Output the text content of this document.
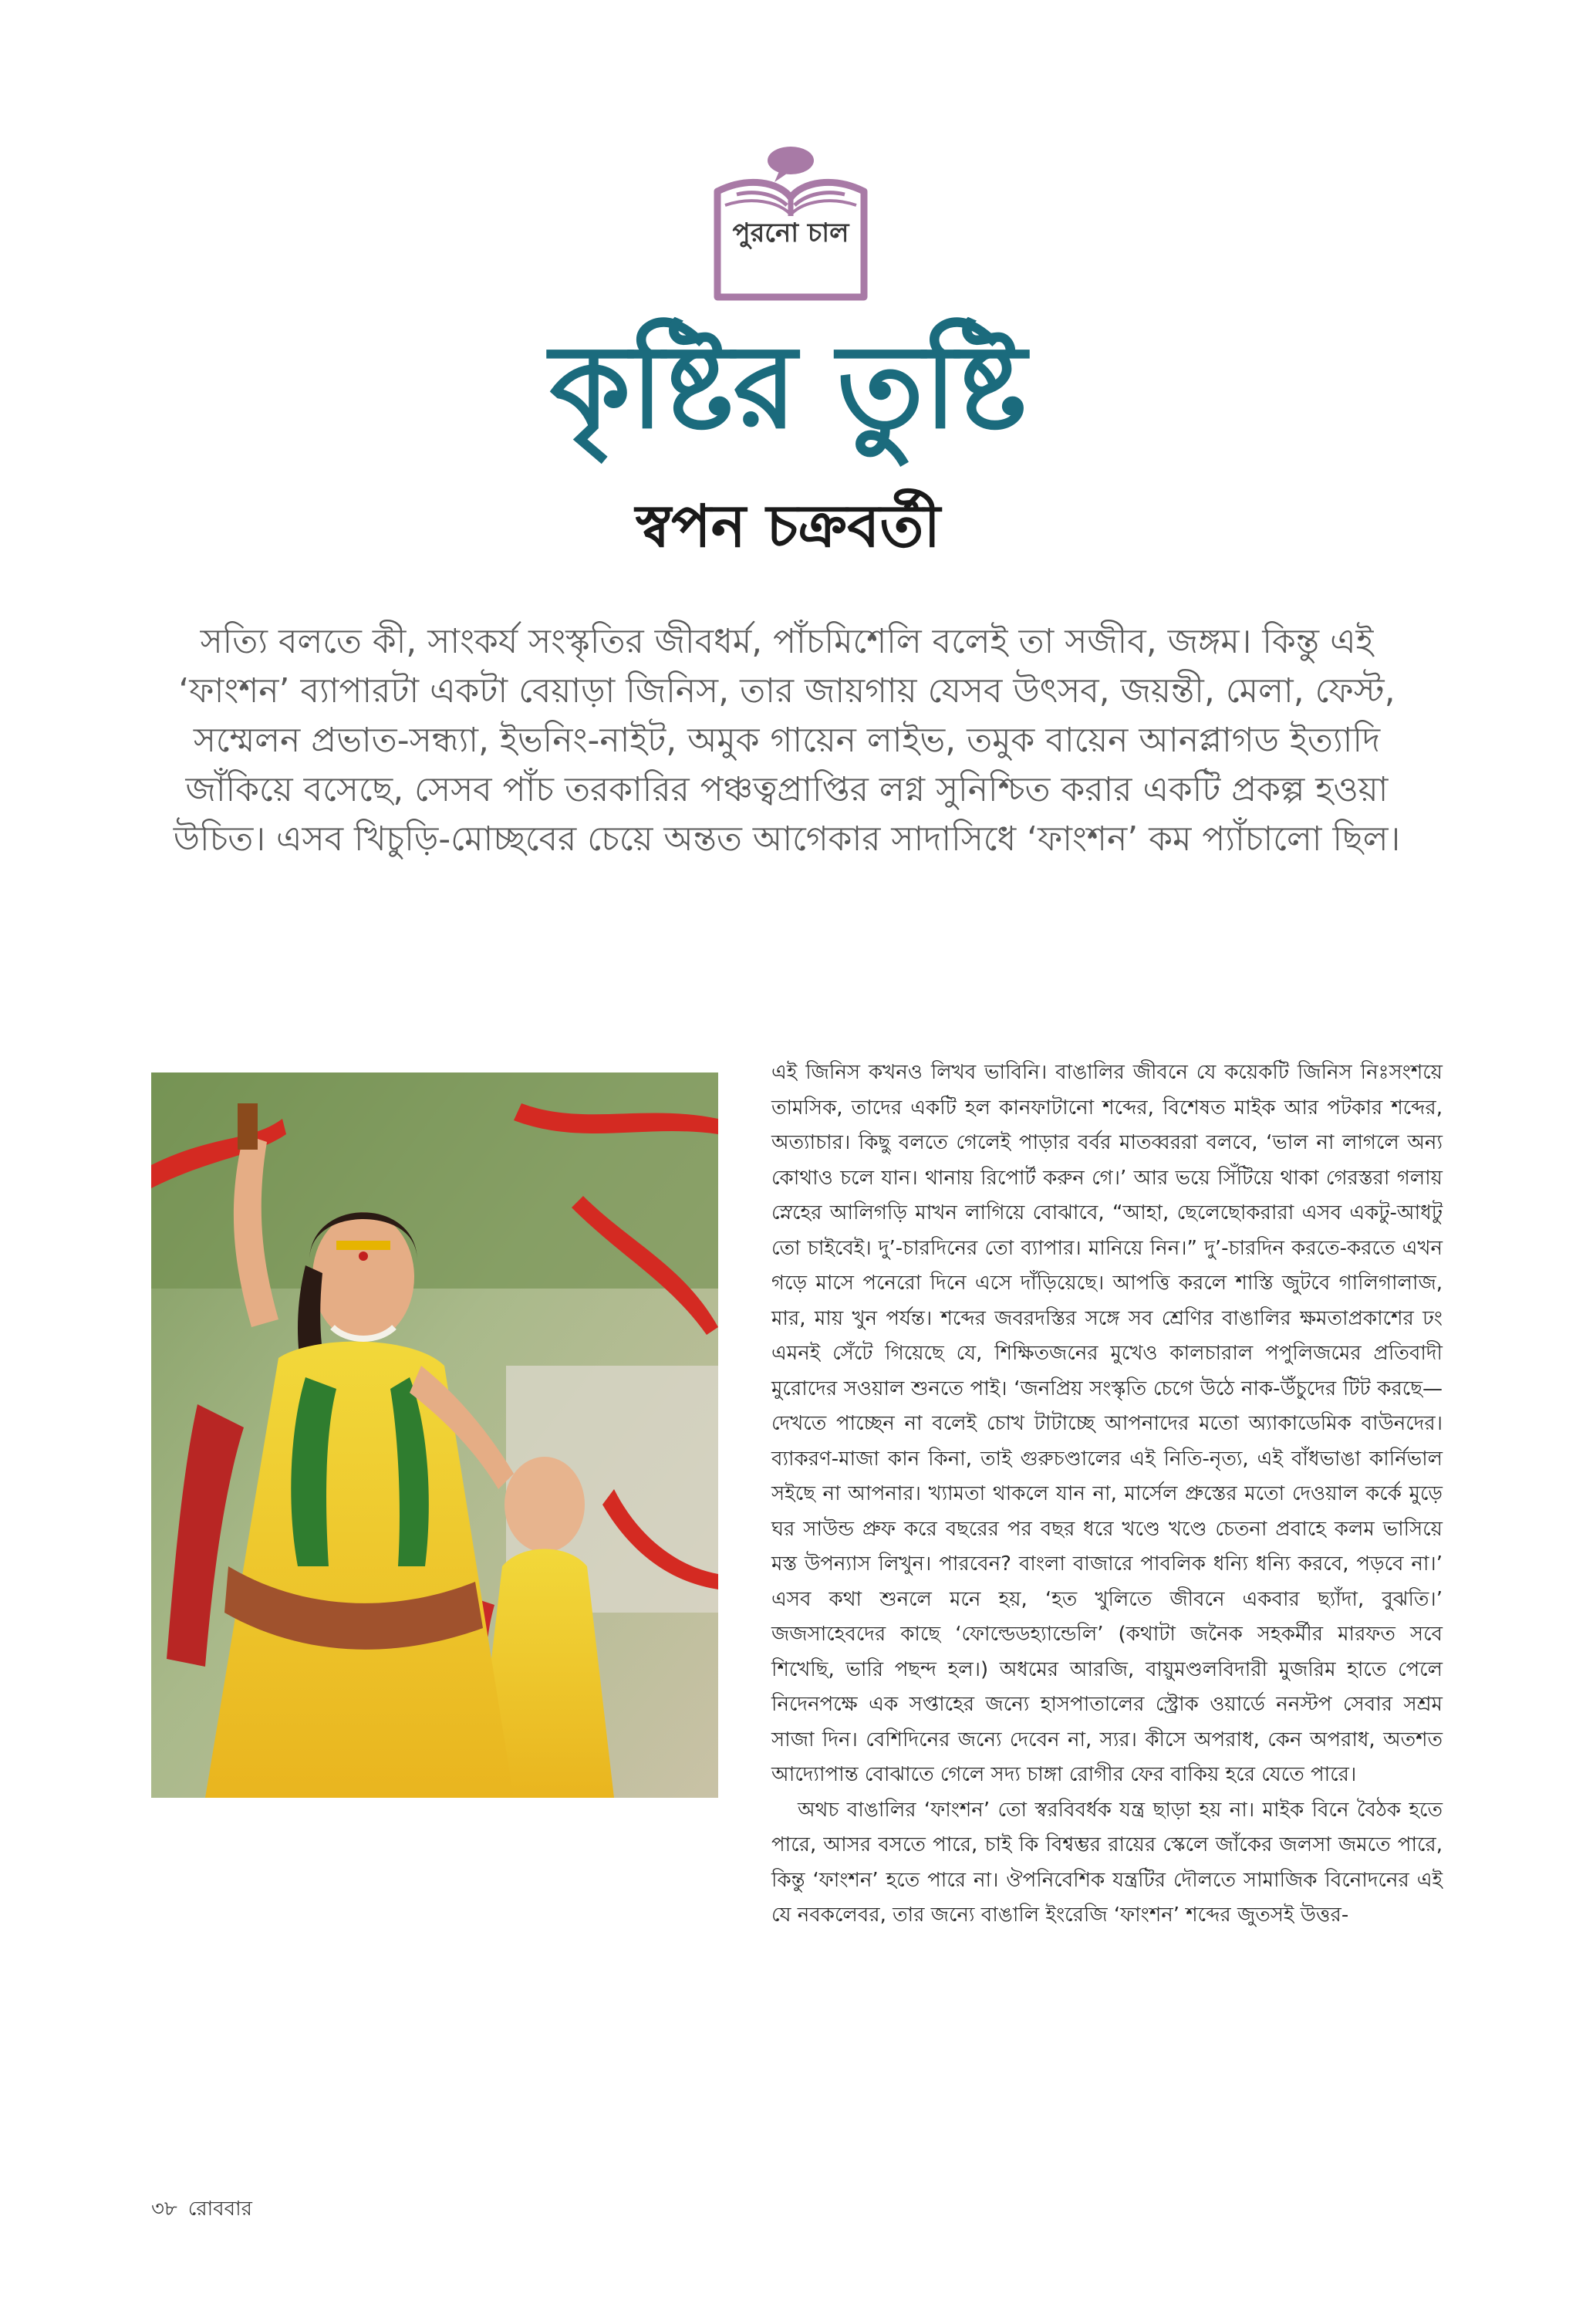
পুরনো চাল
কৃষ্টির তুষ্টি
স্বপন চক্রবর্তী

সত্যি বলতে কী, সাংকর্য সংস্কৃতির জীবধর্ম, পাঁচমিশেলি বলেই তা সজীব, জঙ্গম। কিন্তু এই ‘ফাংশন’ ব্যাপারটা একটা বেয়াড়া জিনিস, তার জায়গায় যেসব উৎসব, জয়ন্তী, মেলা, ফেস্ট, সম্মেলন প্রভাত-সন্ধ্যা, ইভনিং-নাইট, অমুক গায়েন লাইভ, তমুক বায়েন আনপ্লাগড ইত্যাদি জাঁকিয়ে বসেছে, সেসব পাঁচ তরকারির পঞ্চত্বপ্রাপ্তির লগ্ন সুনিশ্চিত করার একটি প্রকল্প হওয়া উচিত। এসব খিচুড়ি-মোচ্ছবের চেয়ে অন্তত আগেকার সাদাসিধে ‘ফাংশন’ কম প্যাঁচালো ছিল।

এই জিনিস কখনও লিখব ভাবিনি। বাঙালির জীবনে যে কয়েকটি জিনিস নিঃসংশয়ে তামসিক, তাদের একটি হল কানফাটানো শব্দের, বিশেষত মাইক আর পটকার শব্দের, অত্যাচার। কিছু বলতে গেলেই পাড়ার বর্বর মাতব্বররা বলবে, ‘ভাল না লাগলে অন্য কোথাও চলে যান। থানায় রিপোর্ট করুন গে।’ আর ভয়ে সিঁটিয়ে থাকা গেরস্তরা গলায় স্নেহের আলিগড়ি মাখন লাগিয়ে বোঝাবে, “আহা, ছেলেছোকরারা এসব একটু-আধটু তো চাইবেই। দু’-চারদিনের তো ব্যাপার। মানিয়ে নিন।” দু’-চারদিন করতে-করতে এখন গড়ে মাসে পনেরো দিনে এসে দাঁড়িয়েছে। আপত্তি করলে শাস্তি জুটবে গালিগালাজ, মার, মায় খুন পর্যন্ত। শব্দের জবরদস্তির সঙ্গে সব শ্রেণির বাঙালির ক্ষমতাপ্রকাশের ঢং এমনই সেঁটে গিয়েছে যে, শিক্ষিতজনের মুখেও কালচারাল পপুলিজমের প্রতিবাদী মুরোদের সওয়াল শুনতে পাই। ‘জনপ্রিয় সংস্কৃতি চেগে উঠে নাক-উঁচুদের টিট করছে— দেখতে পাচ্ছেন না বলেই চোখ টাটাচ্ছে আপনাদের মতো অ্যাকাডেমিক বাউনদের। ব্যাকরণ-মাজা কান কিনা, তাই গুরুচণ্ডালের এই নিতি-নৃত্য, এই বাঁধভাঙা কার্নিভাল সইছে না আপনার। খ্যামতা থাকলে যান না, মার্সেল প্রুস্তের মতো দেওয়াল কর্কে মুড়ে ঘর সাউন্ড প্রুফ করে বছরের পর বছর ধরে খণ্ডে খণ্ডে চেতনা প্রবাহে কলম ভাসিয়ে মস্ত উপন্যাস লিখুন। পারবেন? বাংলা বাজারে পাবলিক ধন্যি ধন্যি করবে, পড়বে না।’ এসব কথা শুনলে মনে হয়, ‘হত খুলিতে জীবনে একবার ছ্যাঁদা, বুঝতি।’ জজসাহেবদের কাছে ‘ফোল্ডেডহ্যান্ডেলি’ (কথাটা জনৈক সহকর্মীর মারফত সবে শিখেছি, ভারি পছন্দ হল।) অধমের আরজি, বায়ুমণ্ডলবিদারী মুজরিম হাতে পেলে নিদেনপক্ষে এক সপ্তাহের জন্যে হাসপাতালের স্ট্রোক ওয়ার্ডে ননস্টপ সেবার সশ্রম সাজা দিন। বেশিদিনের জন্যে দেবেন না, স্যর। কীসে অপরাধ, কেন অপরাধ, অতশত আদ্যোপান্ত বোঝাতে গেলে সদ্য চাঙ্গা রোগীর ফের বাকিয় হরে যেতে পারে।

অথচ বাঙালির ‘ফাংশন’ তো স্বরবিবর্ধক যন্ত্র ছাড়া হয় না। মাইক বিনে বৈঠক হতে পারে, আসর বসতে পারে, চাই কি বিশ্বম্ভর রায়ের স্কেলে জাঁকের জলসা জমতে পারে, কিন্তু ‘ফাংশন’ হতে পারে না। ঔপনিবেশিক যন্ত্রটির দৌলতে সামাজিক বিনোদনের এই যে নবকলেবর, তার জন্যে বাঙালি ইংরেজি ‘ফাংশন’ শব্দের জুতসই উত্তর-

৩৮ রোববার
